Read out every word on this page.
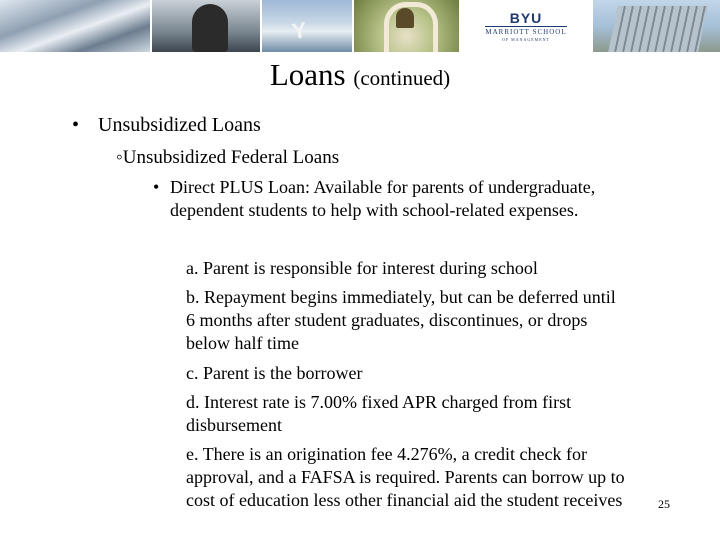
Y	BYU
MARRIOTT SCHOOL
OF MANAGEMENT
Loans (continued)
• Unsubsidized Loans
◦Unsubsidized Federal Loans
• Direct PLUS Loan: Available for parents of undergraduate, dependent students to help with school-related expenses.
a. Parent is responsible for interest during school
b. Repayment begins immediately, but can be deferred until 6 months after student graduates, discontinues, or drops below half time
c. Parent is the borrower
d. Interest rate is 7.00% fixed APR charged from first disbursement
e. There is an origination fee 4.276%, a credit check for approval, and a FAFSA is required. Parents can borrow up to cost of education less other financial aid the student receives	25
